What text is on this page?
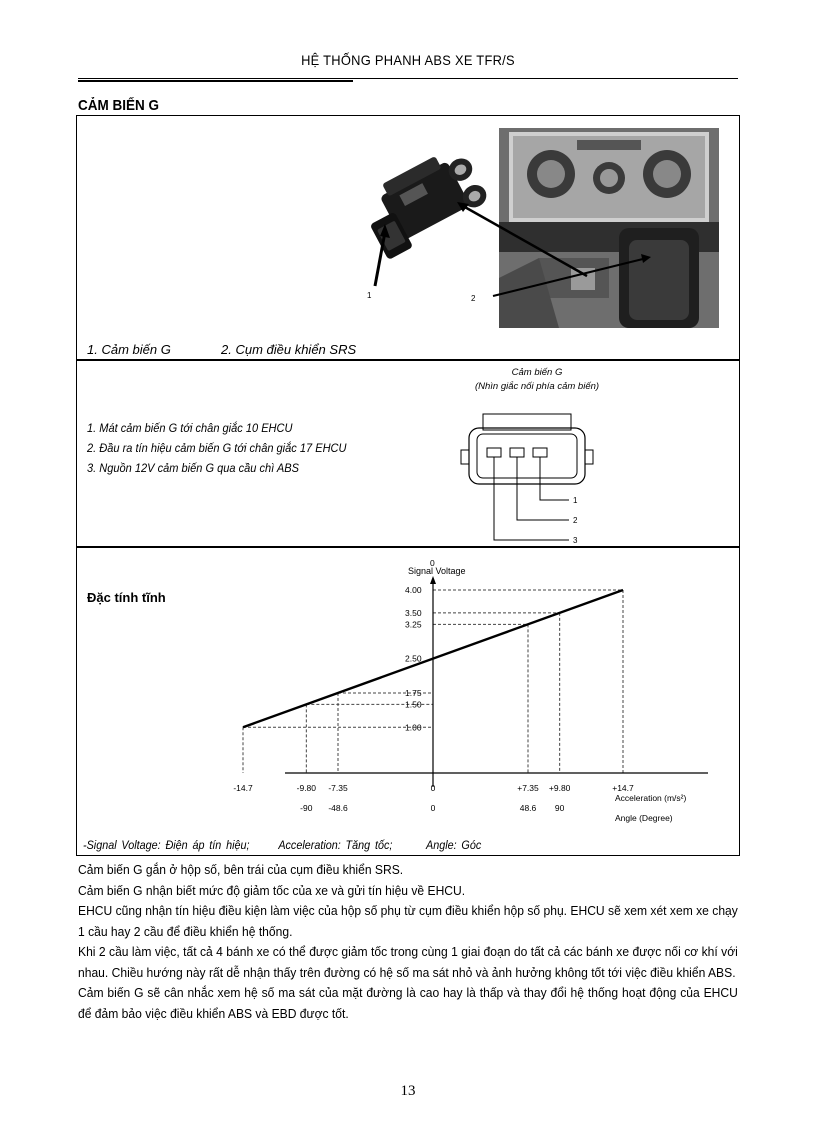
HỆ THỐNG PHANH ABS XE TFR/S
CẢM BIẾN G
1	2
1. Cảm biến G	2. Cụm điều khiển SRS
1. Mát cảm biến G tới chân giắc 10 EHCU
2. Đầu ra tín hiệu cảm biến G tới chân giắc 17 EHCU
3. Nguồn 12V cảm biến G qua cầu chì ABS
Cảm biến G
(Nhìn giắc nối phía cảm biến)
1
2
3
Đặc tính tĩnh
Signal Voltage
Acceleration (m/s²)
Angle (Degree)
0
-14.7
1.00
-9.80
-90
1.50
-7.35
-48.6
1.75
0
0
2.50
+7.35
48.6
3.25
+9.80
90
3.50
+14.7
4.00
-Signal Voltage: Điện áp tín hiệu; Acceleration: Tăng tốc;	Angle: Góc

Cảm biến G gắn ở hộp số, bên trái của cụm điều khiển SRS.

Cảm biến G nhận biết mức độ giảm tốc của xe và gửi tín hiệu về EHCU.

EHCU cũng nhận tín hiệu điều kiện làm việc của hộp số phụ từ cụm điều khiển hộp số phụ. EHCU sẽ xem xét xem xe chạy 1 cầu hay 2 cầu để điều khiển hệ thống.

Khi 2 cầu làm việc, tất cả 4 bánh xe có thể được giảm tốc trong cùng 1 giai đoạn do tất cả các bánh xe được nối cơ khí với nhau. Chiều hướng này rất dễ nhận thấy trên đường có hệ số ma sát nhỏ và ảnh hưởng không tốt tới việc điều khiển ABS.

Cảm biến G sẽ cân nhắc xem hệ số ma sát của mặt đường là cao hay là thấp và thay đổi hệ thống hoạt động của EHCU để đảm bảo việc điều khiển ABS và EBD được tốt.

13
